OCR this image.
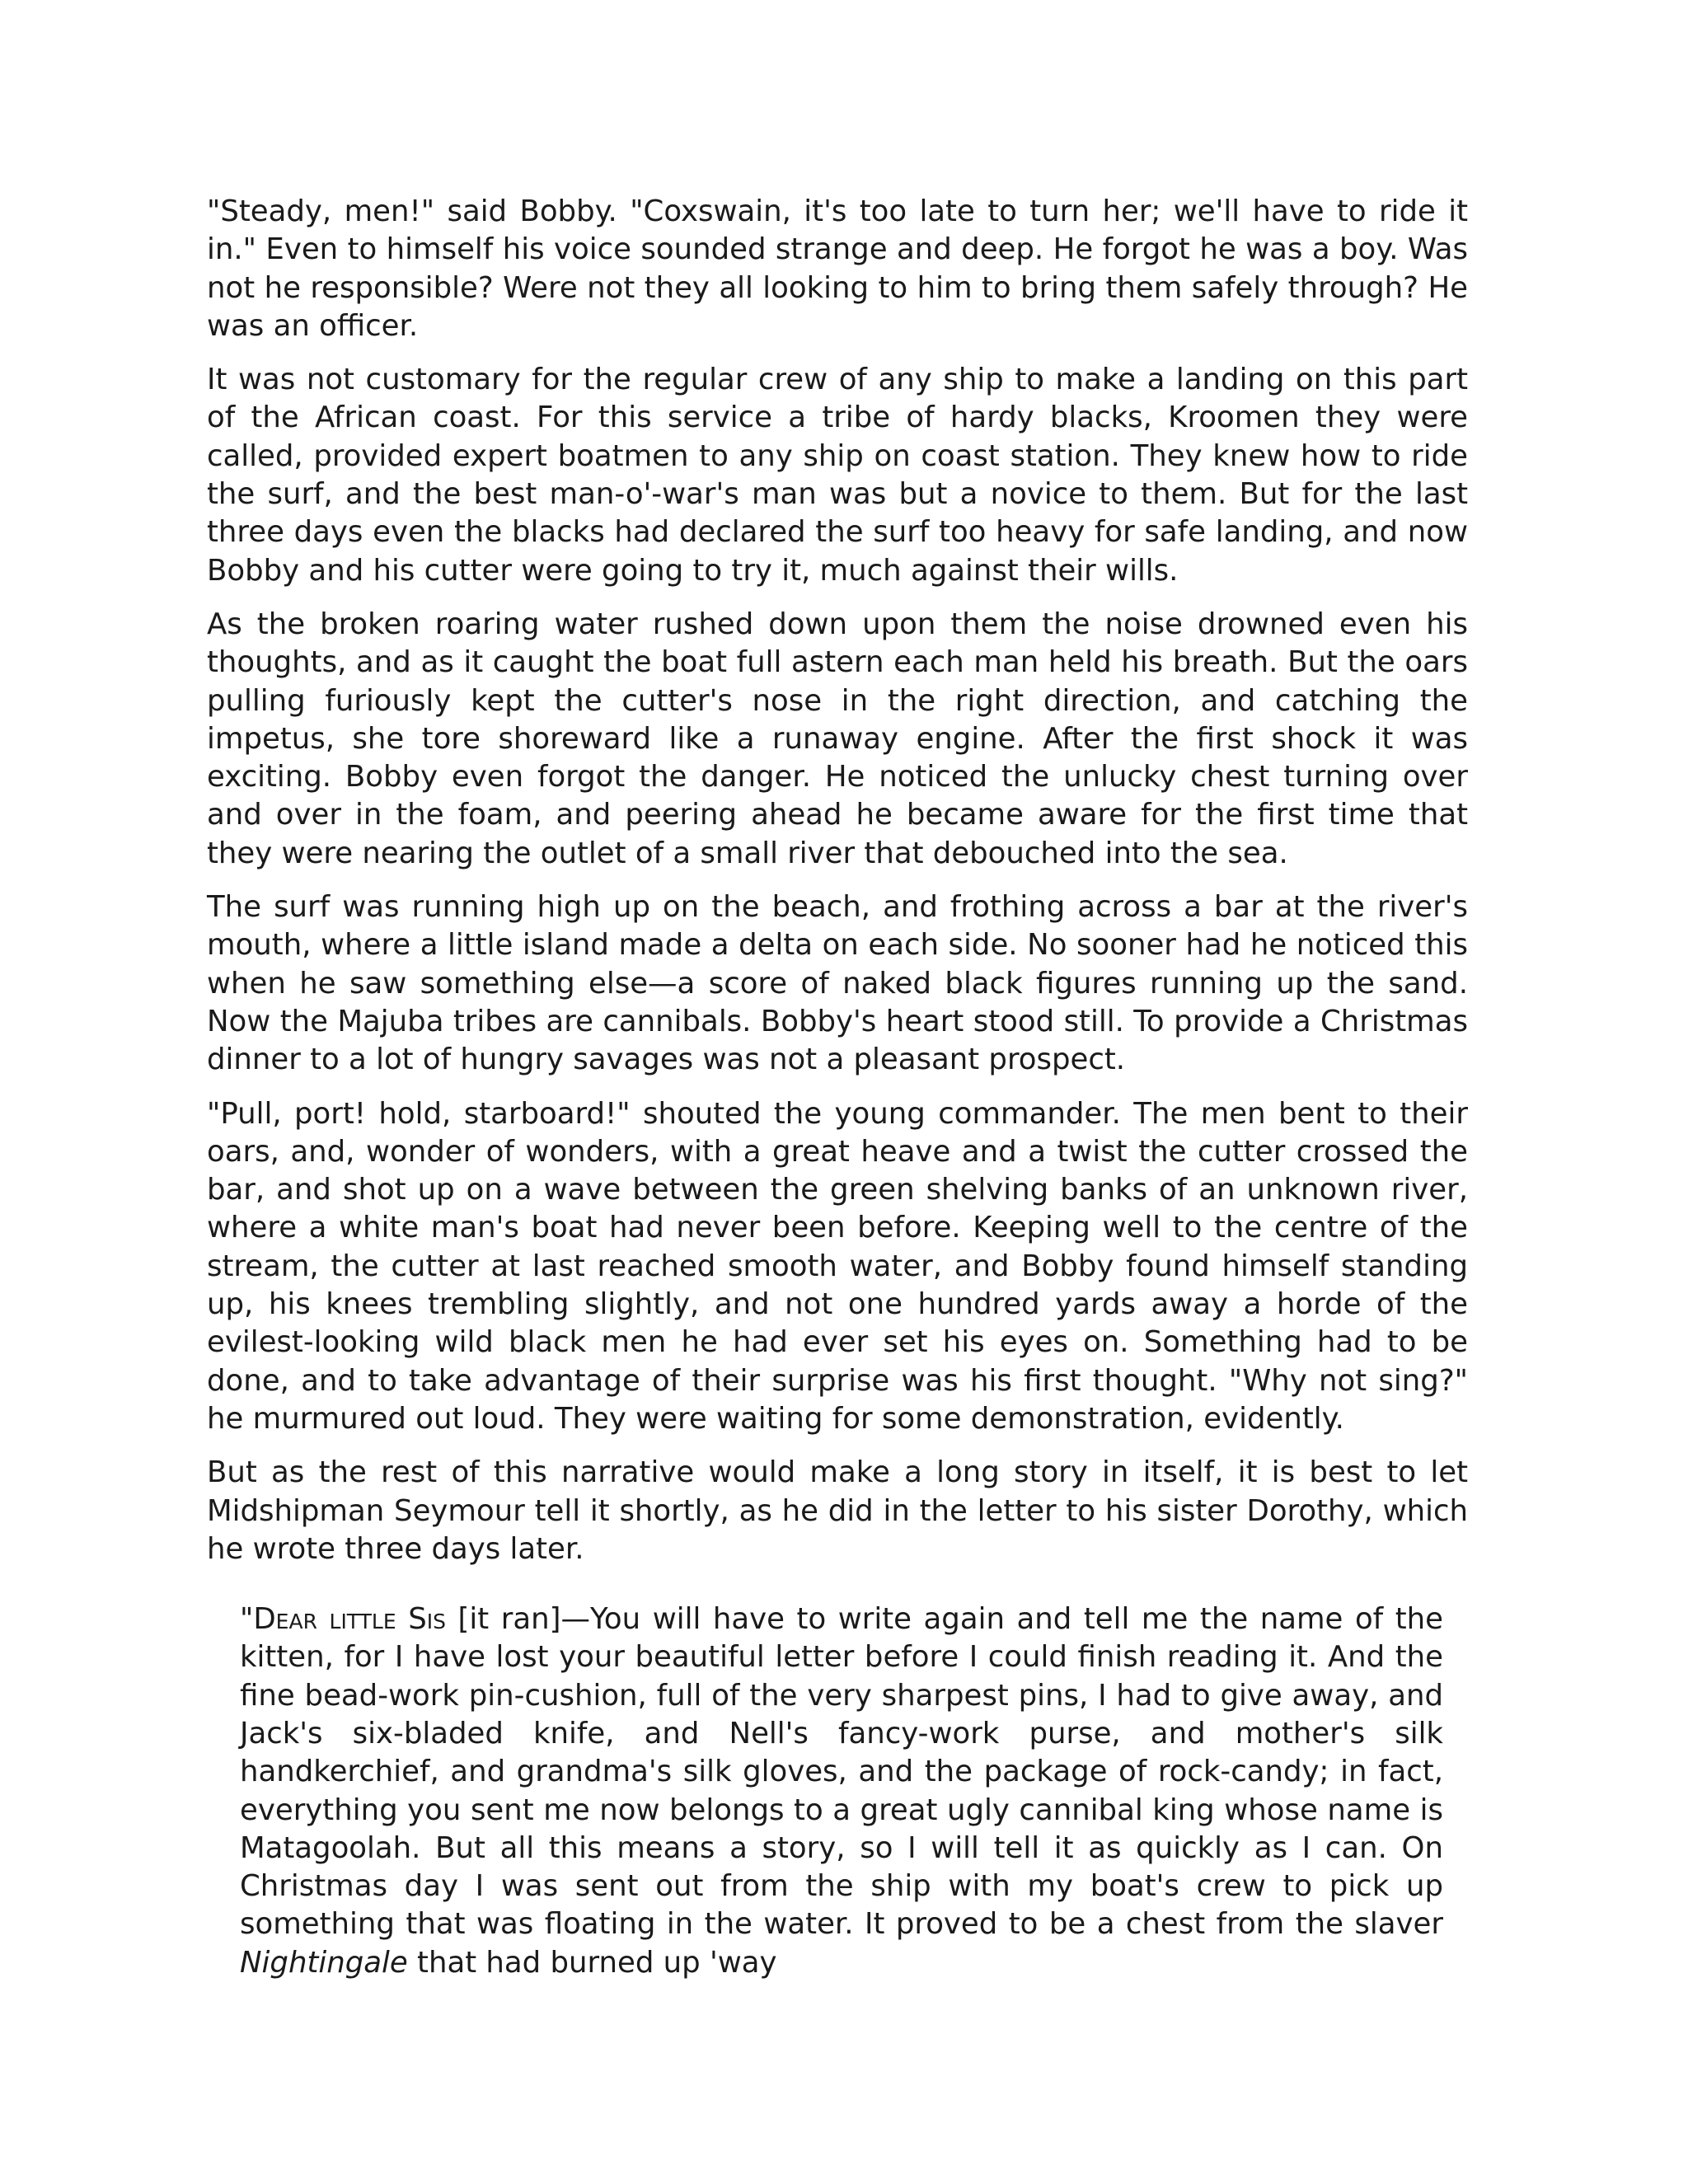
"Steady, men!" said Bobby. "Coxswain, it's too late to turn her; we'll have to ride it in." Even to himself his voice sounded strange and deep. He forgot he was a boy. Was not he responsible? Were not they all looking to him to bring them safely through? He was an officer.

It was not customary for the regular crew of any ship to make a landing on this part of the African coast. For this service a tribe of hardy blacks, Kroomen they were called, provided expert boatmen to any ship on coast station. They knew how to ride the surf, and the best man-o'-war's man was but a novice to them. But for the last three days even the blacks had declared the surf too heavy for safe landing, and now Bobby and his cutter were going to try it, much against their wills.

As the broken roaring water rushed down upon them the noise drowned even his thoughts, and as it caught the boat full astern each man held his breath. But the oars pulling furiously kept the cutter's nose in the right direction, and catching the impetus, she tore shoreward like a runaway engine. After the first shock it was exciting. Bobby even forgot the danger. He noticed the unlucky chest turning over and over in the foam, and peering ahead he became aware for the first time that they were nearing the outlet of a small river that debouched into the sea.

The surf was running high up on the beach, and frothing across a bar at the river's mouth, where a little island made a delta on each side. No sooner had he noticed this when he saw something else—a score of naked black figures running up the sand. Now the Majuba tribes are cannibals. Bobby's heart stood still. To provide a Christmas dinner to a lot of hungry savages was not a pleasant prospect.

"Pull, port! hold, starboard!" shouted the young commander. The men bent to their oars, and, wonder of wonders, with a great heave and a twist the cutter crossed the bar, and shot up on a wave between the green shelving banks of an unknown river, where a white man's boat had never been before. Keeping well to the centre of the stream, the cutter at last reached smooth water, and Bobby found himself standing up, his knees trembling slightly, and not one hundred yards away a horde of the evilest-looking wild black men he had ever set his eyes on. Something had to be done, and to take advantage of their surprise was his first thought. "Why not sing?" he murmured out loud. They were waiting for some demonstration, evidently.

But as the rest of this narrative would make a long story in itself, it is best to let Midshipman Seymour tell it shortly, as he did in the letter to his sister Dorothy, which he wrote three days later.

"Dear little Sis [it ran]—You will have to write again and tell me the name of the kitten, for I have lost your beautiful letter before I could finish reading it. And the fine bead-work pin-cushion, full of the very sharpest pins, I had to give away, and Jack's six-bladed knife, and Nell's fancy-work purse, and mother's silk handkerchief, and grandma's silk gloves, and the package of rock-candy; in fact, everything you sent me now belongs to a great ugly cannibal king whose name is Matagoolah. But all this means a story, so I will tell it as quickly as I can. On Christmas day I was sent out from the ship with my boat's crew to pick up something that was floating in the water. It proved to be a chest from the slaver Nightingale that had burned up 'way
